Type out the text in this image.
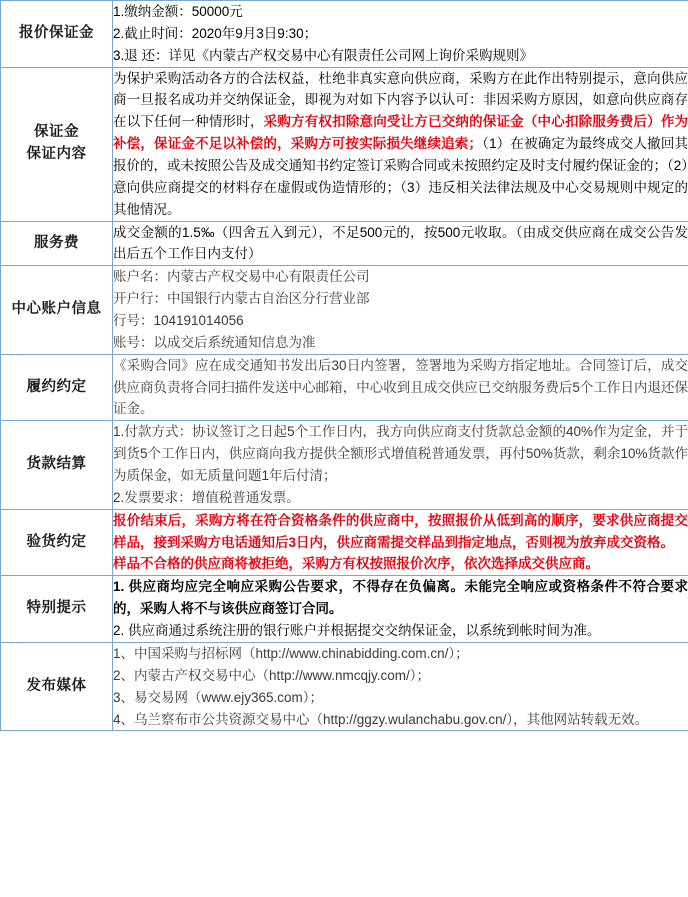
报价保证金	1.缴纳金额：50000元
2.截止时间：2020年9月3日9:30；
3.退 还：详见《内蒙古产权交易中心有限责任公司网上询价采购规则》

保证金
保证内容	为保护采购活动各方的合法权益，杜绝非真实意向供应商，采购方在此作出特别提示，意向供应商一旦报名成功并交纳保证金，即视为对如下内容予以认可：非因采购方原因，如意向供应商存在以下任何一种情形时，采购方有权扣除意向受让方已交纳的保证金（中心扣除服务费后）作为补偿，保证金不足以补偿的，采购方可按实际损失继续追索；（1）在被确定为最终成交人撤回其报价的，或未按照公告及成交通知书约定签订采购合同或未按照约定及时支付履约保证金的；（2）意向供应商提交的材料存在虚假或伪造情形的；（3）违反相关法律法规及中心交易规则中规定的其他情况。
服务费	成交金额的1.5‰（四舍五入到元），不足500元的，按500元收取。（由成交供应商在成交公告发出后五个工作日内支付）

中心账户信息	账户名：内蒙古产权交易中心有限责任公司
开户行：中国银行内蒙古自治区分行营业部
行号：104191014056
账号：以成交后系统通知信息为准

履约约定	《采购合同》应在成交通知书发出后30日内签署，签署地为采购方指定地址。合同签订后，成交供应商负责将合同扫描件发送中心邮箱，中心收到且成交供应已交纳服务费后5个工作日内退还保证金。

货款结算	1.付款方式：协议签订之日起5个工作日内，我方向供应商支付货款总金额的40%作为定金，并于到货5个工作日内，供应商向我方提供全额形式增值税普通发票，再付50%货款，剩余10%货款作为质保金，如无质量问题1年后付清；
2.发票要求：增值税普通发票。

验货约定	报价结束后，采购方将在符合资格条件的供应商中，按照报价从低到高的顺序，要求供应商提交样品，接到采购方电话通知后3日内，供应商需提交样品到指定地点，否则视为放弃成交资格。
样品不合格的供应商将被拒绝，采购方有权按照报价次序，依次选择成交供应商。

特别提示	1. 供应商均应完全响应采购公告要求，不得存在负偏离。未能完全响应或资格条件不符合要求的，采购人将不与该供应商签订合同。
2. 供应商通过系统注册的银行账户并根据提交交纳保证金，以系统到帐时间为准。

发布媒体	1、中国采购与招标网（http://www.chinabidding.com.cn/）；
2、内蒙古产权交易中心（http://www.nmcqjy.com/）；
3、易交易网（www.ejy365.com）；
4、乌兰察布市公共资源交易中心（http://ggzy.wulanchabu.gov.cn/），其他网站转载无效。
